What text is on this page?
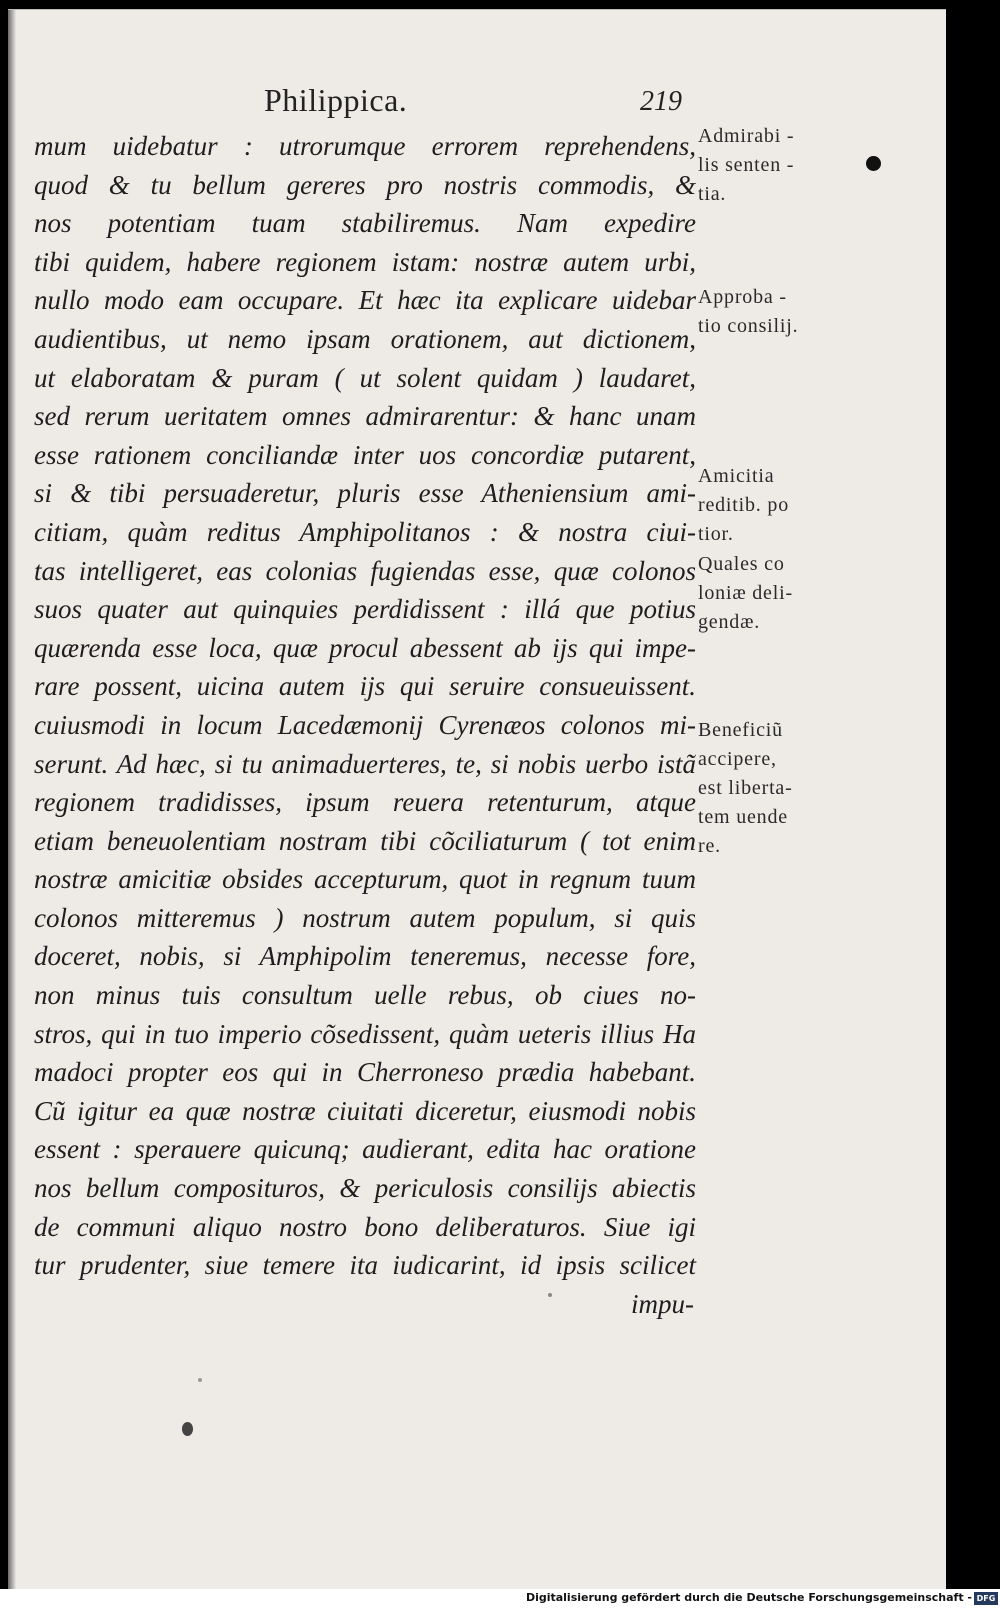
Philippica.	219
mum uidebatur : utrorumque errorem reprehendens,
quod & tu bellum gereres pro nostris commodis, &
nos potentiam tuam stabiliremus. Nam expedire
tibi quidem, habere regionem istam: nostræ autem urbi,
nullo modo eam occupare. Et hæc ita explicare uidebar
audientibus, ut nemo ipsam orationem, aut dictionem,
ut elaboratam & puram ( ut solent quidam ) laudaret,
sed rerum ueritatem omnes admirarentur: & hanc unam
esse rationem conciliandæ inter uos concordiæ putarent,
si & tibi persuaderetur, pluris esse Atheniensium ami-
citiam, quàm reditus Amphipolitanos : & nostra ciui-
tas intelligeret, eas colonias fugiendas esse, quæ colonos
suos quater aut quinquies perdidissent : illá que potius
quærenda esse loca, quæ procul abessent ab ijs qui impe-
rare possent, uicina autem ijs qui seruire consueuissent.
cuiusmodi in locum Lacedæmonij Cyrenæos colonos mi-
serunt. Ad hæc, si tu animaduerteres, te, si nobis uerbo istã
regionem tradidisses, ipsum reuera retenturum, atque
etiam beneuolentiam nostram tibi cõciliaturum ( tot enim
nostræ amicitiæ obsides accepturum, quot in regnum tuum
colonos mitteremus ) nostrum autem populum, si quis
doceret, nobis, si Amphipolim teneremus, necesse fore,
non minus tuis consultum uelle rebus, ob ciues no-
stros, qui in tuo imperio cõsedissent, quàm ueteris illius Ha
madoci propter eos qui in Cherroneso prædia habebant.
Cũ igitur ea quæ nostræ ciuitati diceretur, eiusmodi nobis
essent : sperauere quicunq; audierant, edita hac oratione
nos bellum composituros, & periculosis consilijs abiectis
de communi aliquo nostro bono deliberaturos. Siue igi
tur prudenter, siue temere ita iudicarint, id ipsis scilicet
impu-
Admirabi -
lis senten -
tia.
Approba -
tio consilij.
Amicitia
reditib. po
tior.
Quales co
loniæ deli-
gendæ.
Beneficiũ
accipere,
est liberta-
tem uende
re.
Digitalisierung gefördert durch die Deutsche Forschungsgemeinschaft - DFG
